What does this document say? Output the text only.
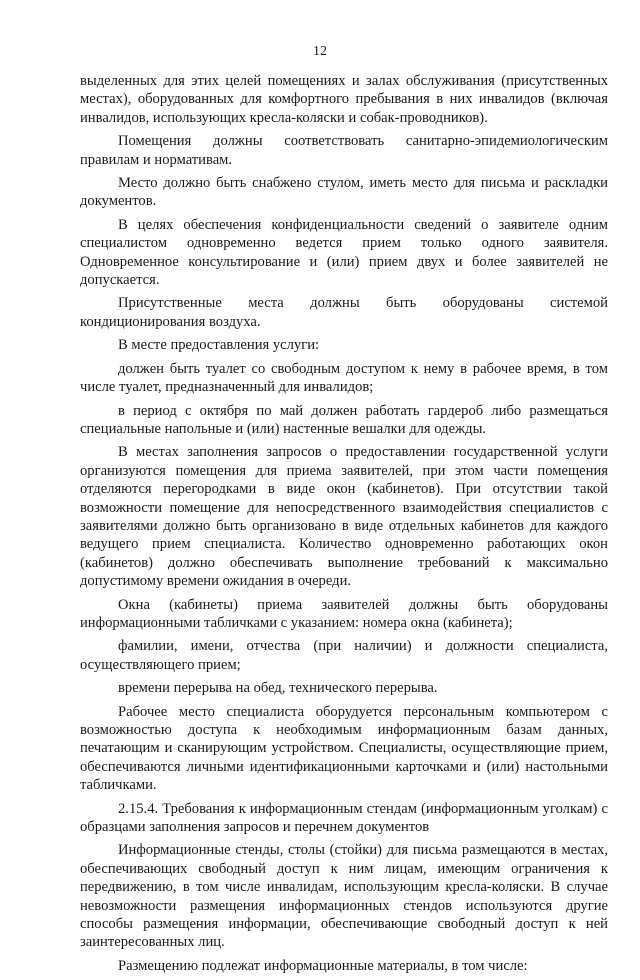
12

выделенных для этих целей помещениях и залах обслуживания (присутственных местах), оборудованных для комфортного пребывания в них инвалидов (включая инвалидов, использующих кресла-коляски и собак-проводников).

Помещения должны соответствовать санитарно-эпидемиологическим правилам и нормативам.

Место должно быть снабжено стулом, иметь место для письма и раскладки документов.

В целях обеспечения конфиденциальности сведений о заявителе одним специалистом одновременно ведется прием только одного заявителя. Одновременное консультирование и (или) прием двух и более заявителей не допускается.

Присутственные места должны быть оборудованы системой кондиционирования воздуха.

В месте предоставления услуги:

должен быть туалет со свободным доступом к нему в рабочее время, в том числе туалет, предназначенный для инвалидов;

в период с октября по май должен работать гардероб либо размещаться специальные напольные и (или) настенные вешалки для одежды.

В местах заполнения запросов о предоставлении государственной услуги организуются помещения для приема заявителей, при этом части помещения отделяются перегородками в виде окон (кабинетов). При отсутствии такой возможности помещение для непосредственного взаимодействия специалистов с заявителями должно быть организовано в виде отдельных кабинетов для каждого ведущего прием специалиста. Количество одновременно работающих окон (кабинетов) должно обеспечивать выполнение требований к максимально допустимому времени ожидания в очереди.

Окна (кабинеты) приема заявителей должны быть оборудованы информационными табличками с указанием: номера окна (кабинета);

фамилии, имени, отчества (при наличии) и должности специалиста, осуществляющего прием;

времени перерыва на обед, технического перерыва.

Рабочее место специалиста оборудуется персональным компьютером с возможностью доступа к необходимым информационным базам данных, печатающим и сканирующим устройством. Специалисты, осуществляющие прием, обеспечиваются личными идентификационными карточками и (или) настольными табличками.

2.15.4. Требования к информационным стендам (информационным уголкам) с образцами заполнения запросов и перечнем документов

Информационные стенды, столы (стойки) для письма размещаются в местах, обеспечивающих свободный доступ к ним лицам, имеющим ограничения к передвижению, в том числе инвалидам, использующим кресла-коляски. В случае невозможности размещения информационных стендов используются другие способы размещения информации, обеспечивающие свободный доступ к ней заинтересованных лиц.

Размещению подлежат информационные материалы, в том числе:
